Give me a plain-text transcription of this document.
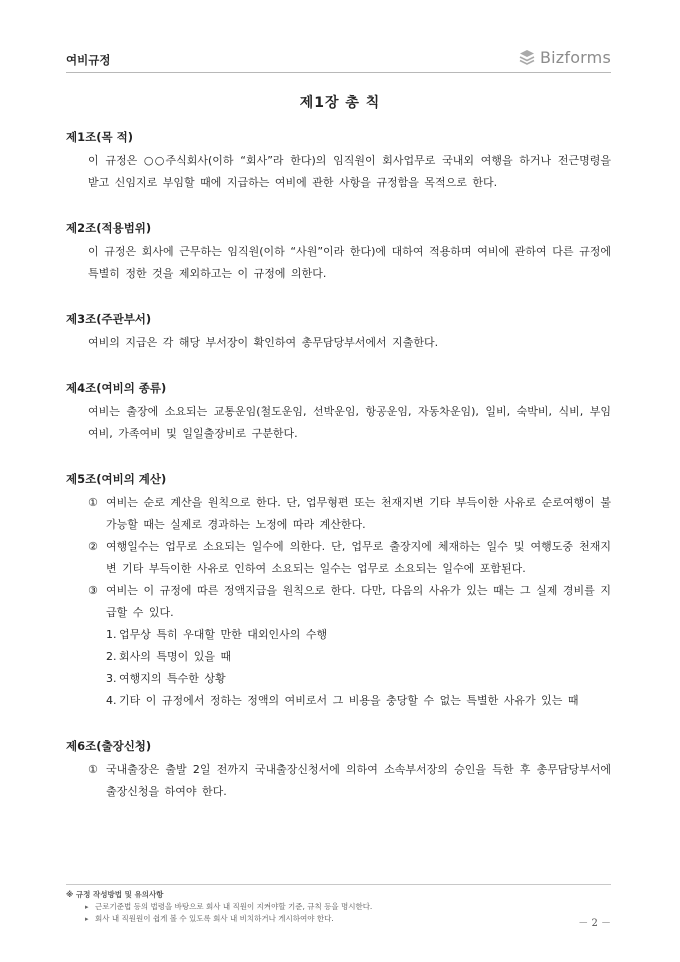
여비규정	Bizforms
제1장 총 칙
제1조(목 적)
이 규정은 ○○주식회사(이하 “회사”라 한다)의 임직원이 회사업무로 국내외 여행을 하거나 전근명령을 받고 신임지로 부임할 때에 지급하는 여비에 관한 사항을 규정함을 목적으로 한다.
제2조(적용범위)
이 규정은 회사에 근무하는 임직원(이하 “사원”이라 한다)에 대하여 적용하며 여비에 관하여 다른 규정에 특별히 정한 것을 제외하고는 이 규정에 의한다.
제3조(주관부서)
여비의 지급은 각 해당 부서장이 확인하여 총무담당부서에서 지출한다.
제4조(여비의 종류)
여비는 출장에 소요되는 교통운임(철도운임, 선박운임, 항공운임, 자동차운임), 일비, 숙박비, 식비, 부임여비, 가족여비 및 일일출장비로 구분한다.
제5조(여비의 계산)
① 여비는 순로 계산을 원칙으로 한다. 단, 업무형편 또는 천재지변 기타 부득이한 사유로 순로여행이 불가능할 때는 실제로 경과하는 노정에 따라 계산한다.
② 여행일수는 업무로 소요되는 일수에 의한다. 단, 업무로 출장지에 체재하는 일수 및 여행도중 천재지변 기타 부득이한 사유로 인하여 소요되는 일수는 업무로 소요되는 일수에 포함된다.
③ 여비는 이 규정에 따른 정액지급을 원칙으로 한다. 다만, 다음의 사유가 있는 때는 그 실제 경비를 지급할 수 있다.
1. 업무상 특히 우대할 만한 대외인사의 수행
2. 회사의 특명이 있을 때
3. 여행지의 특수한 상황
4. 기타 이 규정에서 정하는 정액의 여비로서 그 비용을 충당할 수 없는 특별한 사유가 있는 때
제6조(출장신청)
① 국내출장은 출발 2일 전까지 국내출장신청서에 의하여 소속부서장의 승인을 득한 후 총무담당부서에 출장신청을 하여야 한다.
※ 규정 작성방법 및 유의사항
▸ 근로기준법 등의 법령을 바탕으로 회사 내 직원이 지켜야할 기준, 규칙 등을 명시한다.
▸ 회사 내 직원원이 쉽게 볼 수 있도록 회사 내 비치하거나 게시하여야 한다.	－ 2 －
